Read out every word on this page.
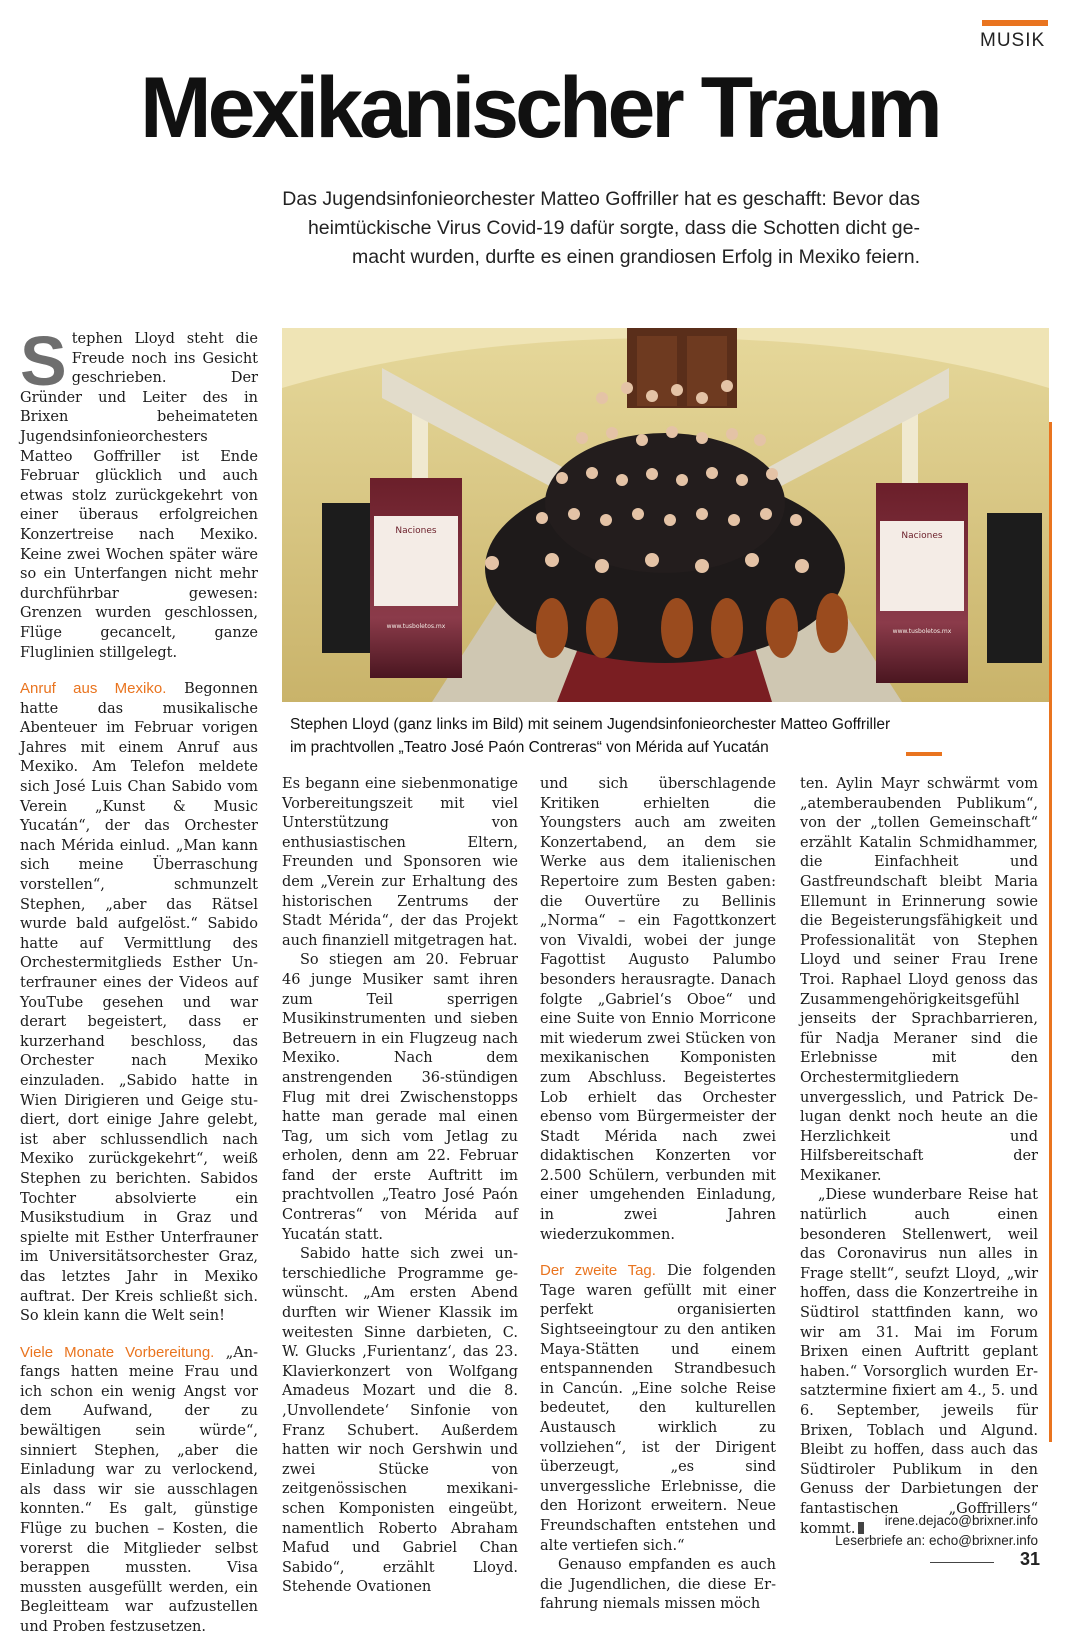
MUSIK
Mexikanischer Traum
Das Jugendsinfonieorchester Matteo Goffriller hat es geschafft: Bevor das heimtückische Virus Covid-19 dafür sorgte, dass die Schotten dicht ge-macht wurden, durfte es einen grandiosen Erfolg in Mexiko feiern.
Naciones
www.tusboletos.mx
Naciones
www.tusboletos.mx
Stephen Lloyd (ganz links im Bild) mit seinem Jugendsinfonieorchester Matteo Goffriller im prachtvollen „Teatro José Paón Contreras“ von Mérida auf Yucatán

Stephen Lloyd steht die Freude noch ins Gesicht geschrieben. Der Gründer und Leiter des in Brixen beheimateten Jugendsinfonieorchesters Matteo Goffriller ist Ende Februar glücklich und auch etwas stolz zurückgekehrt von einer überaus erfolgreichen Konzertreise nach Mexiko. Keine zwei Wochen später wäre so ein Unterfangen nicht mehr durchführbar gewesen: Grenzen wurden geschlossen, Flüge gecancelt, ganze Fluglinien stillgelegt.

Anruf aus Mexiko. Begonnen hatte das musikalische Abenteuer im Februar vorigen Jahres mit einem Anruf aus Mexiko. Am Telefon meldete sich José Luis Chan Sabido vom Verein „Kunst & Music Yucatán“, der das Orchester nach Mérida einlud. „Man kann sich meine Überraschung vorstellen“, schmunzelt Stephen, „aber das Rätsel wurde bald aufgelöst.“ Sabido hatte auf Vermittlung des Orchestermitglieds Esther Unterfrauner eines der Videos auf YouTube gesehen und war derart begeistert, dass er kurzerhand beschloss, das Orchester nach Mexiko einzuladen. „Sabido hatte in Wien Dirigieren und Geige studiert, dort einige Jahre gelebt, ist aber schlussendlich nach Mexiko zurückgekehrt“, weiß Stephen zu berichten. Sabidos Tochter absolvierte ein Musikstudium in Graz und spielte mit Esther Unterfrauner im Universitätsorchester Graz, das letztes Jahr in Mexiko auftrat. Der Kreis schließt sich. So klein kann die Welt sein!

Viele Monate Vorbereitung. „Anfangs hatten meine Frau und ich schon ein wenig Angst vor dem Aufwand, der zu bewältigen sein würde“, sinniert Stephen, „aber die Einladung war zu verlockend, als dass wir sie ausschlagen konnten.“ Es galt, günstige Flüge zu buchen – Kosten, die vorerst die Mitglieder selbst berappen mussten. Visa mussten ausgefüllt werden, ein Begleitteam war aufzustellen und Proben festzusetzen.

Es begann eine siebenmonatige Vorbereitungszeit mit viel Unterstützung von enthusiastischen Eltern, Freunden und Sponsoren wie dem „Verein zur Erhaltung des historischen Zentrums der Stadt Mérida“, der das Projekt auch finanziell mitgetragen hat.

So stiegen am 20. Februar 46 junge Musiker samt ihren zum Teil sperrigen Musikinstrumenten und sieben Betreuern in ein Flugzeug nach Mexiko. Nach dem anstrengenden 36-stündigen Flug mit drei Zwischenstopps hatte man gerade mal einen Tag, um sich vom Jetlag zu erholen, denn am 22. Februar fand der erste Auftritt im prachtvollen „Teatro José Paón Contreras“ von Mérida auf Yucatán statt.

Sabido hatte sich zwei unterschiedliche Programme gewünscht. „Am ersten Abend durften wir Wiener Klassik im weitesten Sinne darbieten, C. W. Glucks ‚Furientanz‘, das 23. Klavierkonzert von Wolfgang Amadeus Mozart und die 8. ‚Unvollendete‘ Sinfonie von Franz Schubert. Außerdem hatten wir noch Gershwin und zwei Stücke von zeitgenössischen mexikanischen Komponisten eingeübt, namentlich Roberto Abraham Mafud und Gabriel Chan Sabido“, erzählt Lloyd. Stehende Ovationen

und sich überschlagende Kritiken erhielten die Youngsters auch am zweiten Konzertabend, an dem sie Werke aus dem italienischen Repertoire zum Besten gaben: die Ouvertüre zu Bellinis „Norma“ – ein Fagottkonzert von Vivaldi, wobei der junge Fagottist Augusto Palumbo besonders herausragte. Danach folgte „Gabriel‘s Oboe“ und eine Suite von Ennio Morricone mit wiederum zwei Stücken von mexikanischen Komponisten zum Abschluss. Begeistertes Lob erhielt das Orchester ebenso vom Bürgermeister der Stadt Mérida nach zwei didaktischen Konzerten vor 2.500 Schülern, verbunden mit einer umgehenden Einladung, in zwei Jahren wiederzukommen.

Der zweite Tag. Die folgenden Tage waren gefüllt mit einer perfekt organisierten Sightseeingtour zu den antiken Maya-Stätten und einem entspannenden Strandbesuch in Cancún. „Eine solche Reise bedeutet, den kulturellen Austausch wirklich zu vollziehen“, ist der Dirigent überzeugt, „es sind unvergessliche Erlebnisse, die den Horizont erweitern. Neue Freundschaften entstehen und alte vertiefen sich.“

Genauso empfanden es auch die Jugendlichen, die diese Erfahrung niemals missen möch

ten. Aylin Mayr schwärmt vom „atemberaubenden Publikum“, von der „tollen Gemeinschaft“ erzählt Katalin Schmidhammer, die Einfachheit und Gastfreundschaft bleibt Maria Ellemunt in Erinnerung sowie die Begeisterungsfähigkeit und Professionalität von Stephen Lloyd und seiner Frau Irene Troi. Raphael Lloyd genoss das Zusammengehörigkeitsgefühl jenseits der Sprachbarrieren, für Nadja Meraner sind die Erlebnisse mit den Orchestermitgliedern unvergesslich, und Patrick Delugan denkt noch heute an die Herzlichkeit und Hilfsbereitschaft der Mexikaner.

„Diese wunderbare Reise hat natürlich auch einen besonderen Stellenwert, weil das Coronavirus nun alles in Frage stellt“, seufzt Lloyd, „wir hoffen, dass die Konzertreihe in Südtirol stattfinden kann, wo wir am 31. Mai im Forum Brixen einen Auftritt geplant haben.“ Vorsorglich wurden Ersatztermine fixiert am 4., 5. und 6. September, jeweils für Brixen, Toblach und Algund. Bleibt zu hoffen, dass auch das Südtiroler Publikum in den Genuss der Darbietungen der fantastischen „Goffrillers“ kommt.

irene.dejaco@brixner.info
Leserbriefe an: echo@brixner.info
31
